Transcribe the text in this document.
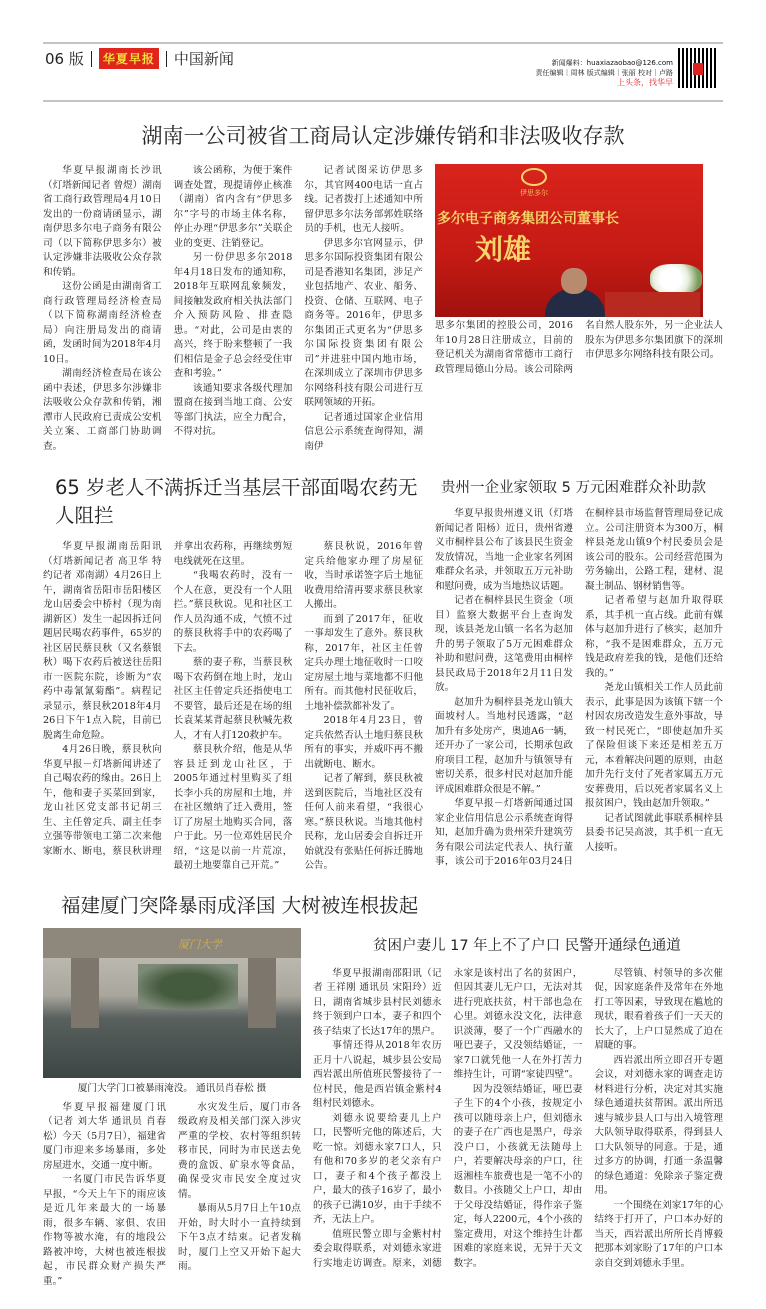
06 版	华夏早报 中国新闻	新闻爆料：huaxiazaobao@126.com
责任编辑｜周林 版式编辑｜张丽 校对｜卢路
上头条，找华早
湖南一公司被省工商局认定涉嫌传销和非法吸收存款

华夏早报湖南长沙讯（灯塔新闻记者 曾煜）湖南省工商行政管理局4月10日发出的一份商请函显示，湖南伊思多尔电子商务有限公司（以下简称伊思多尔）被认定涉嫌非法吸收公众存款和传销。

这份公函是由湖南省工商行政管理局经济检查局（以下简称湖南经济检查局）向注册局发出的商请函，发函时间为2018年4月10日。

湖南经济检查局在该公函中表述，伊思多尔涉嫌非法吸收公众存款和传销，湘潭市人民政府已责成公安机关立案、工商部门协助调查。

该公函称，为便于案件调查处置，现提请停止核准（湖南）省内含有“伊思多尔”字号的市场主体名称，停止办理“伊思多尔”关联企业的变更、注销登记。

另一份伊思多尔2018年4月18日发布的通知称，2018年互联网乱象频发，间接触发政府相关执法部门介入预防风险、排查隐患。“对此，公司是由衷的高兴，终于盼来整顿了一我们相信是金子总会经受住审查和考验。”

该通知要求各级代理加盟商在接到当地工商、公安等部门执法，应全力配合，不得对抗。

记者试图采访伊思多尔，其官网400电话一直占线。记者拨打上述通知中所留伊思多尔法务部郭姓联络员的手机，也无人接听。

伊思多尔官网显示，伊思多尔国际投资集团有限公司是香港知名集团，涉足产业包括地产、农业、船务、投资、仓储、互联网、电子商务等。2016年，伊思多尔集团正式更名为“伊思多尔国际投资集团有限公司”并进驻中国内地市场，在深圳成立了深圳市伊思多尔网络科技有限公司进行互联网领域的开拓。

记者通过国家企业信用信息公示系统查询得知，湖南伊

伊思多尔
多尔电子商务集团公司董事长
刘雄

思多尔集团的控股公司，2016年10月28日注册成立，目前的登记机关为湖南省常德市工商行政管理局德山分局。该公司除两名自然人股东外，另一企业法人股东为伊思多尔集团旗下的深圳市伊思多尔网络科技有限公司。

65 岁老人不满拆迁当基层干部面喝农药无人阻拦

华夏早报湖南岳阳讯（灯塔新闻记者 高卫华 特约记者 邓南湖）4月26日上午，湖南省岳阳市岳阳楼区龙山居委会中桥村（现为南湖新区）发生一起因拆迁问题居民喝农药事件，65岁的社区居民蔡艮秋（又名蔡银秋）喝下农药后被送往岳阳市一医院东院，诊断为“农药中毒氰氰菊酯”。病程记录显示，蔡艮秋2018年4月26日下午1点入院，目前已脱离生命危险。

4月26日晚，蔡艮秋向华夏早报－灯塔新闻讲述了自己喝农药的缘由。26日上午，他和妻子买菜回到家，龙山社区党支部书记胡三生、主任曾定兵、副主任李立强等带领电工第二次来他家断水、断电，蔡艮秋讲理并拿出农药称，再继续剪短电线就死在这里。

“我喝农药时，没有一个人在意，更没有一个人阻拦。”蔡艮秋说。见和社区工作人员沟通不成，气愤不过的蔡艮秋将手中的农药喝了下去。

蔡的妻子称，当蔡艮秋喝下农药倒在地上时，龙山社区主任曾定兵还指使电工不要管，最后还是在场的组长袁某某背起蔡艮秋喊先救人，才有人打120救护车。

蔡艮秋介绍，他是从华容县迁到龙山社区，于2005年通过村里购买了组长李小兵的房屋和土地，并在社区缴纳了迁入费用，签订了房屋土地购买合同，落户于此。另一位邓姓居民介绍，“这是以前一片荒凉，最初土地要靠自己开荒。”

蔡艮秋说，2016年曾定兵给他家办理了房屋征收，当时承诺签字后土地征收费用给清再要求蔡艮秋家人搬出。

而到了2017年，征收一事却发生了意外。蔡艮秋称，2017年，社区主任曾定兵办理土地征收时一口咬定房屋土地与菜地都不归他所有。而其他村民征收后，土地补偿款都补发了。

2018年4月23日，曾定兵依然否认土地归蔡艮秋所有的事实，并威吓再不搬出就断电、断水。

记者了解到，蔡艮秋被送到医院后，当地社区没有任何人前来看望，“我很心寒。”蔡艮秋说。当地其他村民称，龙山居委会自拆迁开始就没有张贴任何拆迁腾地公告。

贵州一企业家领取 5 万元困难群众补助款

华夏早报贵州遵义讯（灯塔新闻记者 阳杨）近日，贵州省遵义市桐梓县公布了该县民生资金发放情况，当地一企业家名列困难群众名录，并领取五万元补助和慰问费，成为当地热议话题。

记者在桐梓县民生资金（项目）监察大数据平台上查询发现，该县尧龙山镇一名名为赵加升的男子领取了5万元困难群众补助和慰问费，这笔费用由桐梓县民政局于2018年2月11日发放。

赵加升为桐梓县尧龙山镇大面坡村人。当地村民透露，“赵加升有多处房产，奥迪A6一辆，还开办了一家公司，长期承包政府项目工程，赵加升与镇领导有密切关系，很多村民对赵加升能评成困难群众很是不解。”

华夏早报－灯塔新闻通过国家企业信用信息公示系统查询得知，赵加升确为贵州荣升建筑劳务有限公司法定代表人、执行董事，该公司于2016年03月24日在桐梓县市场监督管理局登记成立。公司注册资本为300万，桐梓县尧龙山镇9个村民委员会是该公司的股东。公司经营范围为劳务输出，公路工程，建材、混凝土制品、钢材销售等。

记者希望与赵加升取得联系，其手机一直占线。此前有媒体与赵加升进行了核实，赵加升称，“我不是困难群众，五万元钱是政府差我的钱，是他们还给我的。”

尧龙山镇相关工作人员此前表示，此事是因为该镇下辖一个村因农房改造发生意外事故，导致一村民死亡，“即使赵加升买了保险但谈下来还是相差五万元，本着解决问题的原则，由赵加升先行支付了死者家属五万元安葬费用，后以死者家属名义上报贫困户，钱由赵加升领取。”

记者试图就此事联系桐梓县县委书记吴高波，其手机一直无人接听。

福建厦门突降暴雨成泽国 大树被连根拔起
厦门大学
厦门大学门口被暴雨淹没。 通讯员肖春松 摄

华夏早报福建厦门讯（记者 刘大华 通讯员 肖春松）今天（5月7日），福建省厦门市迎来多场暴雨，多处房屋进水，交通一度中断。

一名厦门市民告诉华夏早报，“今天上午下的雨应该是近几年来最大的一场暴雨，很多车辆、家俱、农田作物等被水淹，有的地段公路被冲垮，大树也被连根拔起，市民群众财产损失严重。”

水灾发生后，厦门市各级政府及相关部门深入涉灾严重的学校、农村等组织转移市民，同时为市民送去免费的盒饭、矿泉水等食品，确保受灾市民安全度过灾情。

暴雨从5月7日上午10点开始，时大时小一直持续到下午3点才结束。记者发稿时，厦门上空又开始下起大雨。

贫困户妻儿 17 年上不了户口 民警开通绿色通道

华夏早报湖南邵阳讯（记者 王祥刚 通讯员 宋阳玲）近日，湖南省城步县村民刘德永终于领到户口本，妻子和四个孩子结束了长达17年的黑户。

事情还得从2018年农历正月十八说起，城步县公安局西岩派出所值班民警接待了一位村民，他是西岩镇金紫村4组村民刘德永。

刘德永说要给妻儿上户口，民警听完他的陈述后，大吃一惊。刘德永家7口人，只有他和70多岁的老父亲有户口，妻子和4个孩子都没上户，最大的孩子16岁了，最小的孩子已满10岁，由于手续不齐，无法上户。

值班民警立即与金紫村村委会取得联系，对刘德永家进行实地走访调查。原来，刘德永家是该村出了名的贫困户，但因其妻儿无户口，无法对其进行兜底扶贫，村干部也急在心里。刘德永没文化，法律意识淡薄，娶了一个广西融水的哑巴妻子，又没领结婚证，一家7口就凭他一人在外打苦力维持生计，可谓“家徒四壁”。

因为没领结婚证，哑巴妻子生下的4个小孩，按规定小孩可以随母亲上户，但刘德永的妻子在广西也是黑户，母亲没户口，小孩就无法随母上户，若要解决母亲的户口，往返湘桂车旅费也是一笔不小的数目。小孩随父上户口，却由于父母没结婚证，得作亲子鉴定，每人2200元，4个小孩的鉴定费用，对这个维持生计都困难的家庭来说，无异于天文数字。

尽管镇、村领导的多次催促，因家庭条件及常年在外地打工等因素，导致现在尴尬的现状，眼看着孩子们一天天的长大了，上户口显然成了迫在眉睫的事。

西岩派出所立即召开专题会议，对刘德永家的调查走访材料进行分析，决定对其实施绿色通道扶贫帮困。派出所迅速与城步县人口与出入境管理大队领导取得联系，得到县人口大队领导的同意。于是，通过多方的协调，打通一条温馨的绿色通道：免除亲子鉴定费用。

一个围绕在刘家17年的心结终于打开了，户口本办好的当天，西岩派出所所长肖博毅把那本刘家盼了17年的户口本亲自交到刘德永手里。
